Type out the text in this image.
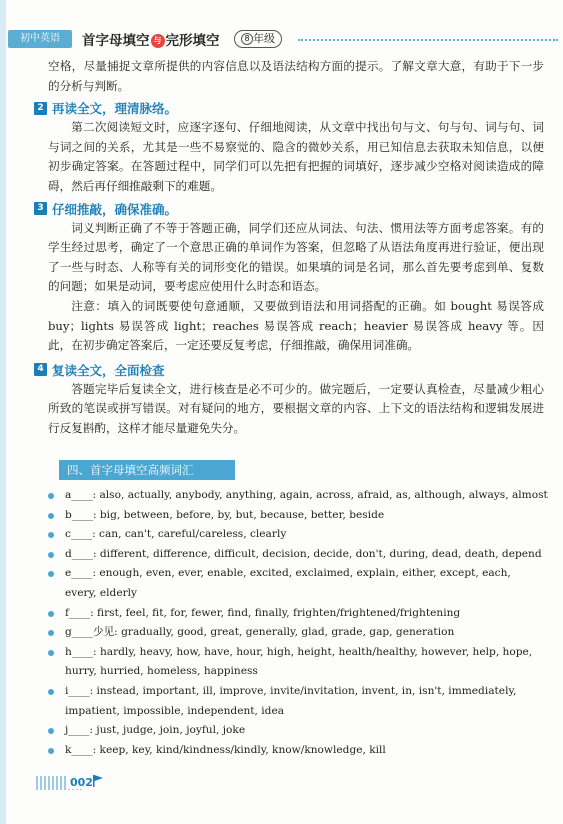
初中英语	首字母填空 与 完形填空	8 年级

空格，尽量捕捉文章所提供的内容信息以及语法结构方面的提示。了解文章大意，有助于下一步的分析与判断。

2 再读全文，理清脉络。

第二次阅读短文时，应逐字逐句、仔细地阅读，从文章中找出句与文、句与句、词与句、词与词之间的关系，尤其是一些不易察觉的、隐含的微妙关系，用已知信息去获取未知信息，以便初步确定答案。在答题过程中，同学们可以先把有把握的词填好，逐步减少空格对阅读造成的障碍，然后再仔细推敲剩下的难题。

3 仔细推敲，确保准确。

词义判断正确了不等于答题正确，同学们还应从词法、句法、惯用法等方面考虑答案。有的学生经过思考，确定了一个意思正确的单词作为答案，但忽略了从语法角度再进行验证，便出现了一些与时态、人称等有关的词形变化的错误。如果填的词是名词，那么首先要考虑到单、复数的问题；如果是动词，要考虑应使用什么时态和语态。

注意：填入的词既要使句意通顺，又要做到语法和用词搭配的正确。如 bought 易误答成 buy；lights 易误答成 light；reaches 易误答成 reach；heavier 易误答成 heavy 等。因此，在初步确定答案后，一定还要反复考虑，仔细推敲，确保用词准确。

4 复读全文，全面检查

答题完毕后复读全文，进行核查是必不可少的。做完题后，一定要认真检查，尽量减少粗心所致的笔误或拼写错误。对有疑问的地方，要根据文章的内容、上下文的语法结构和逻辑发展进行反复斟酌，这样才能尽量避免失分。

四、首字母填空高频词汇
a____: also, actually, anybody, anything, again, across, afraid, as, although, always, almost
b____: big, between, before, by, but, because, better, beside
c____: can, can't, careful/careless, clearly
d____: different, difference, difficult, decision, decide, don't, during, dead, death, depend
e____: enough, even, ever, enable, excited, exclaimed, explain, either, except, each, every, elderly
f____: first, feel, fit, for, fewer, find, finally, frighten/frightened/frightening
g____少见: gradually, good, great, generally, glad, grade, gap, generation
h____: hardly, heavy, how, have, hour, high, height, health/healthy, however, help, hope, hurry, hurried, homeless, happiness
i____: instead, important, ill, improve, invite/invitation, invent, in, isn't, immediately, impatient, impossible, independent, idea
j____: just, judge, join, joyful, joke
k____: keep, key, kind/kindness/kindly, know/knowledge, kill
002
